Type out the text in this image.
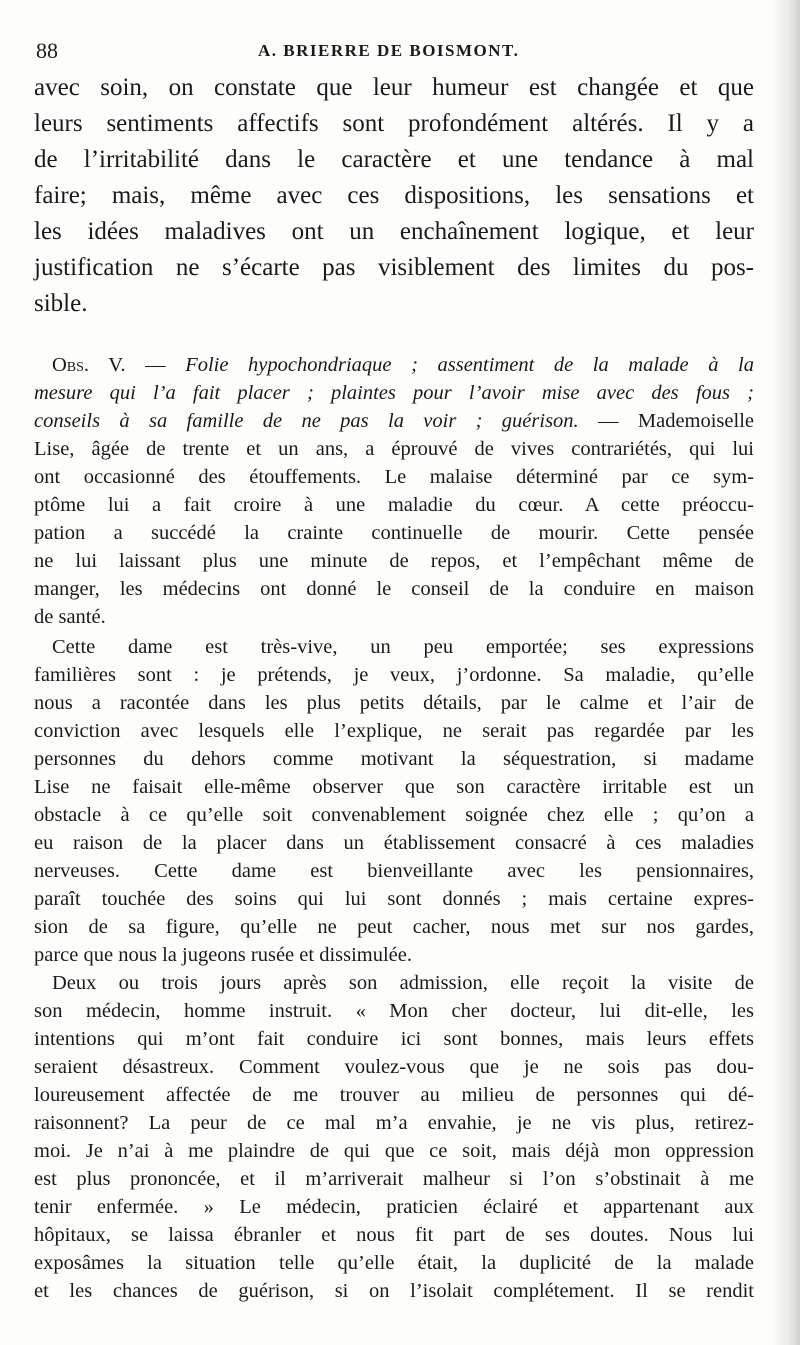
88	A. BRIERRE DE BOISMONT.
avec soin, on constate que leur humeur est changée et que
leurs sentiments affectifs sont profondément altérés. Il y a
de l’irritabilité dans le caractère et une tendance à mal
faire; mais, même avec ces dispositions, les sensations et
les idées maladives ont un enchaînement logique, et leur
justification ne s’écarte pas visiblement des limites du pos-
sible.
Obs. V. — Folie hypochondriaque ; assentiment de la malade à la
mesure qui l’a fait placer ; plaintes pour l’avoir mise avec des fous ;
conseils à sa famille de ne pas la voir ; guérison. — Mademoiselle
Lise, âgée de trente et un ans, a éprouvé de vives contrariétés, qui lui
ont occasionné des étouffements. Le malaise déterminé par ce sym-
ptôme lui a fait croire à une maladie du cœur. A cette préoccu-
pation a succédé la crainte continuelle de mourir. Cette pensée
ne lui laissant plus une minute de repos, et l’empêchant même de
manger, les médecins ont donné le conseil de la conduire en maison
de santé.
Cette dame est très-vive, un peu emportée; ses expressions
familières sont : je prétends, je veux, j’ordonne. Sa maladie, qu’elle
nous a racontée dans les plus petits détails, par le calme et l’air de
conviction avec lesquels elle l’explique, ne serait pas regardée par les
personnes du dehors comme motivant la séquestration, si madame
Lise ne faisait elle-même observer que son caractère irritable est un
obstacle à ce qu’elle soit convenablement soignée chez elle ; qu’on a
eu raison de la placer dans un établissement consacré à ces maladies
nerveuses. Cette dame est bienveillante avec les pensionnaires,
paraît touchée des soins qui lui sont donnés ; mais certaine expres-
sion de sa figure, qu’elle ne peut cacher, nous met sur nos gardes,
parce que nous la jugeons rusée et dissimulée.
Deux ou trois jours après son admission, elle reçoit la visite de
son médecin, homme instruit. « Mon cher docteur, lui dit-elle, les
intentions qui m’ont fait conduire ici sont bonnes, mais leurs effets
seraient désastreux. Comment voulez-vous que je ne sois pas dou-
loureusement affectée de me trouver au milieu de personnes qui dé-
raisonnent? La peur de ce mal m’a envahie, je ne vis plus, retirez-
moi. Je n’ai à me plaindre de qui que ce soit, mais déjà mon oppression
est plus prononcée, et il m’arriverait malheur si l’on s’obstinait à me
tenir enfermée. » Le médecin, praticien éclairé et appartenant aux
hôpitaux, se laissa ébranler et nous fit part de ses doutes. Nous lui
exposâmes la situation telle qu’elle était, la duplicité de la malade
et les chances de guérison, si on l’isolait complétement. Il se rendit
